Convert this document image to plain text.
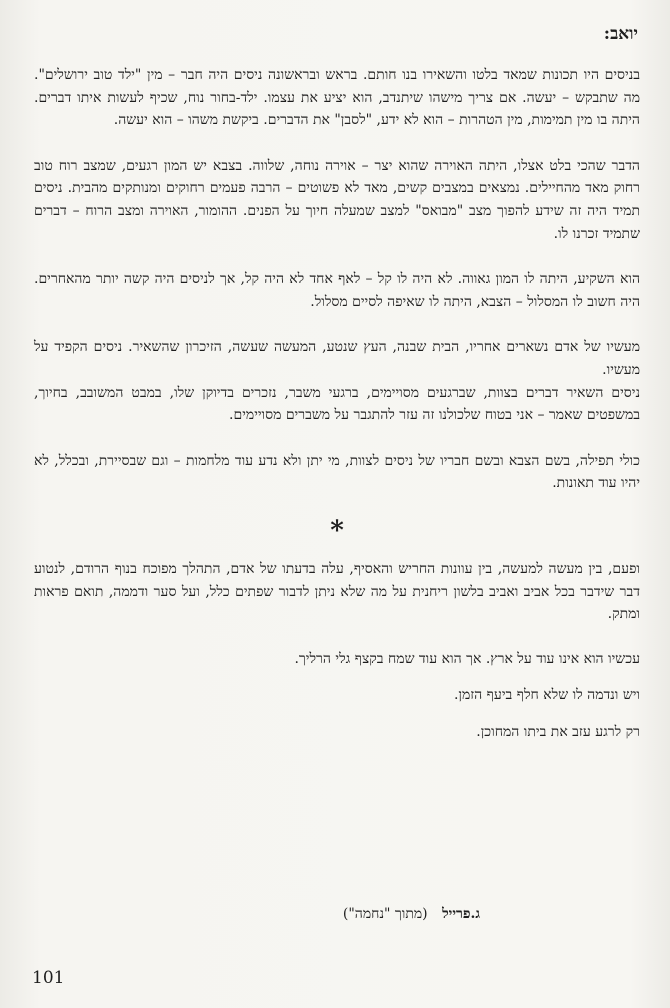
יואב:

בניסים היו תכונות שמאד בלטו והשאירו בנו חותם. בראש ובראשונה ניסים היה חבר – מין "ילד טוב ירושלים". מה שתבקש – יעשה. אם צריך מישהו שיתנדב, הוא יציע את עצמו. ילד-בחור נוח, שכיף לעשות איתו דברים. היתה בו מין תמימות, מין הטהרות – הוא לא ידע, "לסבן" את הדברים. ביקשת משהו – הוא יעשה.

הדבר שהכי בלט אצלו, היתה האוירה שהוא יצר – אוירה נוחה, שלווה. בצבא יש המון רגעים, שמצב רוח טוב רחוק מאד מהחיילים. נמצאים במצבים קשים, מאד לא פשוטים – הרבה פעמים רחוקים ומנותקים מהבית. ניסים תמיד היה זה שידע להפוך מצב "מבואס" למצב שמעלה חיוך על הפנים. ההומור, האוירה ומצב הרוח – דברים שתמיד זכרנו לו.

הוא השקיע, היתה לו המון גאווה. לא היה לו קל – לאף אחד לא היה קל, אך לניסים היה קשה יותר מהאחרים. היה חשוב לו המסלול – הצבא, היתה לו שאיפה לסיים מסלול.

מעשיו של אדם נשארים אחריו, הבית שבנה, העץ שנטע, המעשה שעשה, הזיכרון שהשאיר. ניסים הקפיד על מעשיו.

ניסים השאיר דברים בצוות, שברגעים מסויימים, ברגעי משבר, נזכרים בדיוקן שלו, במבט המשובב, בחיוך, במשפטים שאמר – אני בטוח שלכולנו זה עזר להתגבר על משברים מסויימים.

כולי תפילה, בשם הצבא ובשם חבריו של ניסים לצוות, מי יתן ולא נדע עוד מלחמות – וגם שבסיירת, ובכלל, לא יהיו עוד תאונות.

*

ופעם, בין מעשה למעשה, בין עוונות החריש והאסיף, עלה בדעתו של אדם, התהלך מפוכח בנוף הרודם, לנטוע דבר שידבר בכל אביב ואביב בלשון ריחנית על מה שלא ניתן לדבור שפתים כלל, ועל סער ודממה, תואם פראות ומתק.

עכשיו הוא אינו עוד על ארץ. אך הוא עוד שמח בקצף גלי הרליך.

ויש ונדמה לו שלא חלף ביעף הזמן.

רק לרגע עזב את ביתו המחוכן.

ג.פרייל (מתוך "נחמה")
101
